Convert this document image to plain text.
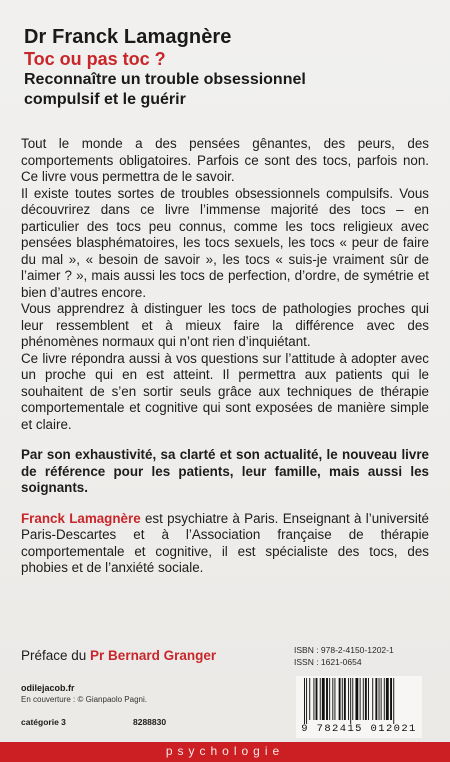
Dr Franck Lamagnère
Toc ou pas toc ?
Reconnaître un trouble obsessionnel
compulsif et le guérir

Tout le monde a des pensées gênantes, des peurs, des comportements obligatoires. Parfois ce sont des tocs, parfois non. Ce livre vous permettra de le savoir.

Il existe toutes sortes de troubles obsessionnels compulsifs. Vous découvrirez dans ce livre l’immense majorité des tocs – en particulier des tocs peu connus, comme les tocs religieux avec pensées blasphématoires, les tocs sexuels, les tocs « peur de faire du mal », « besoin de savoir », les tocs « suis-je vraiment sûr de l’aimer ? », mais aussi les tocs de perfection, d’ordre, de symétrie et bien d’autres encore.

Vous apprendrez à distinguer les tocs de pathologies proches qui leur ressemblent et à mieux faire la différence avec des phénomènes normaux qui n’ont rien d’inquiétant.

Ce livre répondra aussi à vos questions sur l’attitude à adopter avec un proche qui en est atteint. Il permettra aux patients qui le souhaitent de s’en sortir seuls grâce aux techniques de thérapie comportementale et cognitive qui sont exposées de manière simple et claire.

Par son exhaustivité, sa clarté et son actualité, le nouveau livre de référence pour les patients, leur famille, mais aussi les soignants.

Franck Lamagnère est psychiatre à Paris. Enseignant à l’université Paris-Descartes et à l’Association française de thérapie comportementale et cognitive, il est spécialiste des tocs, des phobies et de l’anxiété sociale.

Préface du Pr Bernard Granger	ISBN : 978-2-4150-1202-1
ISSN : 1621-0654
odilejacob.fr
En couverture : © Gianpaolo Pagni.
catégorie 3	8288830
9 782415 012021
psychologie
